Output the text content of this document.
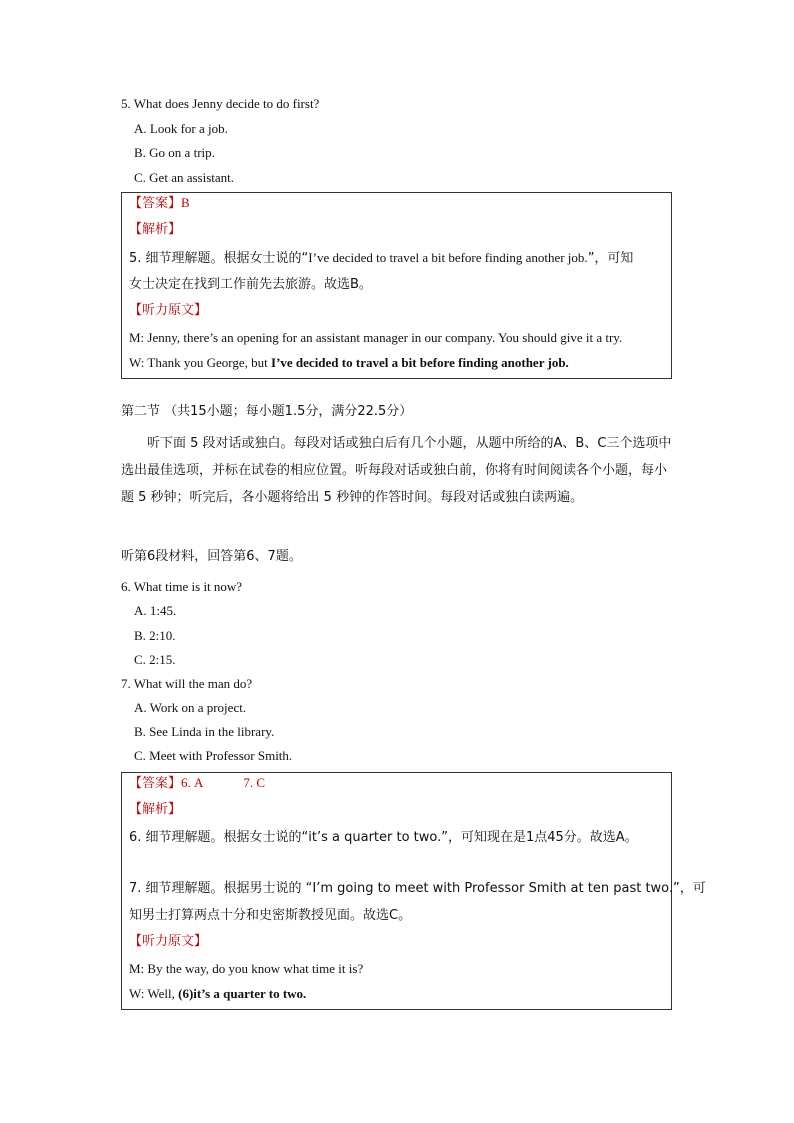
5. What does Jenny decide to do first?
A. Look for a job.
B. Go on a trip.
C. Get an assistant.
【答案】B
【解析】
5. 细节理解题。根据女士说的“I’ve decided to travel a bit before finding another job.”，可知
女士决定在找到工作前先去旅游。故选B。
【听力原文】
M: Jenny, there’s an opening for an assistant manager in our company. You should give it a try.
W: Thank you George, but I’ve decided to travel a bit before finding another job.
第二节 （共15小题；每小题1.5分，满分22.5分）
听下面 5 段对话或独白。每段对话或独白后有几个小题，从题中所给的A、B、C三个选项中选出最佳选项，并标在试卷的相应位置。听每段对话或独白前，你将有时间阅读各个小题，每小题 5 秒钟；听完后，各小题将给出 5 秒钟的作答时间。每段对话或独白读两遍。
听第6段材料，回答第6、7题。
6. What time is it now?
A. 1:45.
B. 2:10.
C. 2:15.
7. What will the man do?
A. Work on a project.
B. See Linda in the library.
C. Meet with Professor Smith.
【答案】6. A	7. C
【解析】
6. 细节理解题。根据女士说的“it’s a quarter to two.”，可知现在是1点45分。故选A。
7. 细节理解题。根据男士说的 “I’m going to meet with Professor Smith at ten past two.”，可
知男士打算两点十分和史密斯教授见面。故选C。
【听力原文】
M: By the way, do you know what time it is?
W: Well, (6)it’s a quarter to two.
